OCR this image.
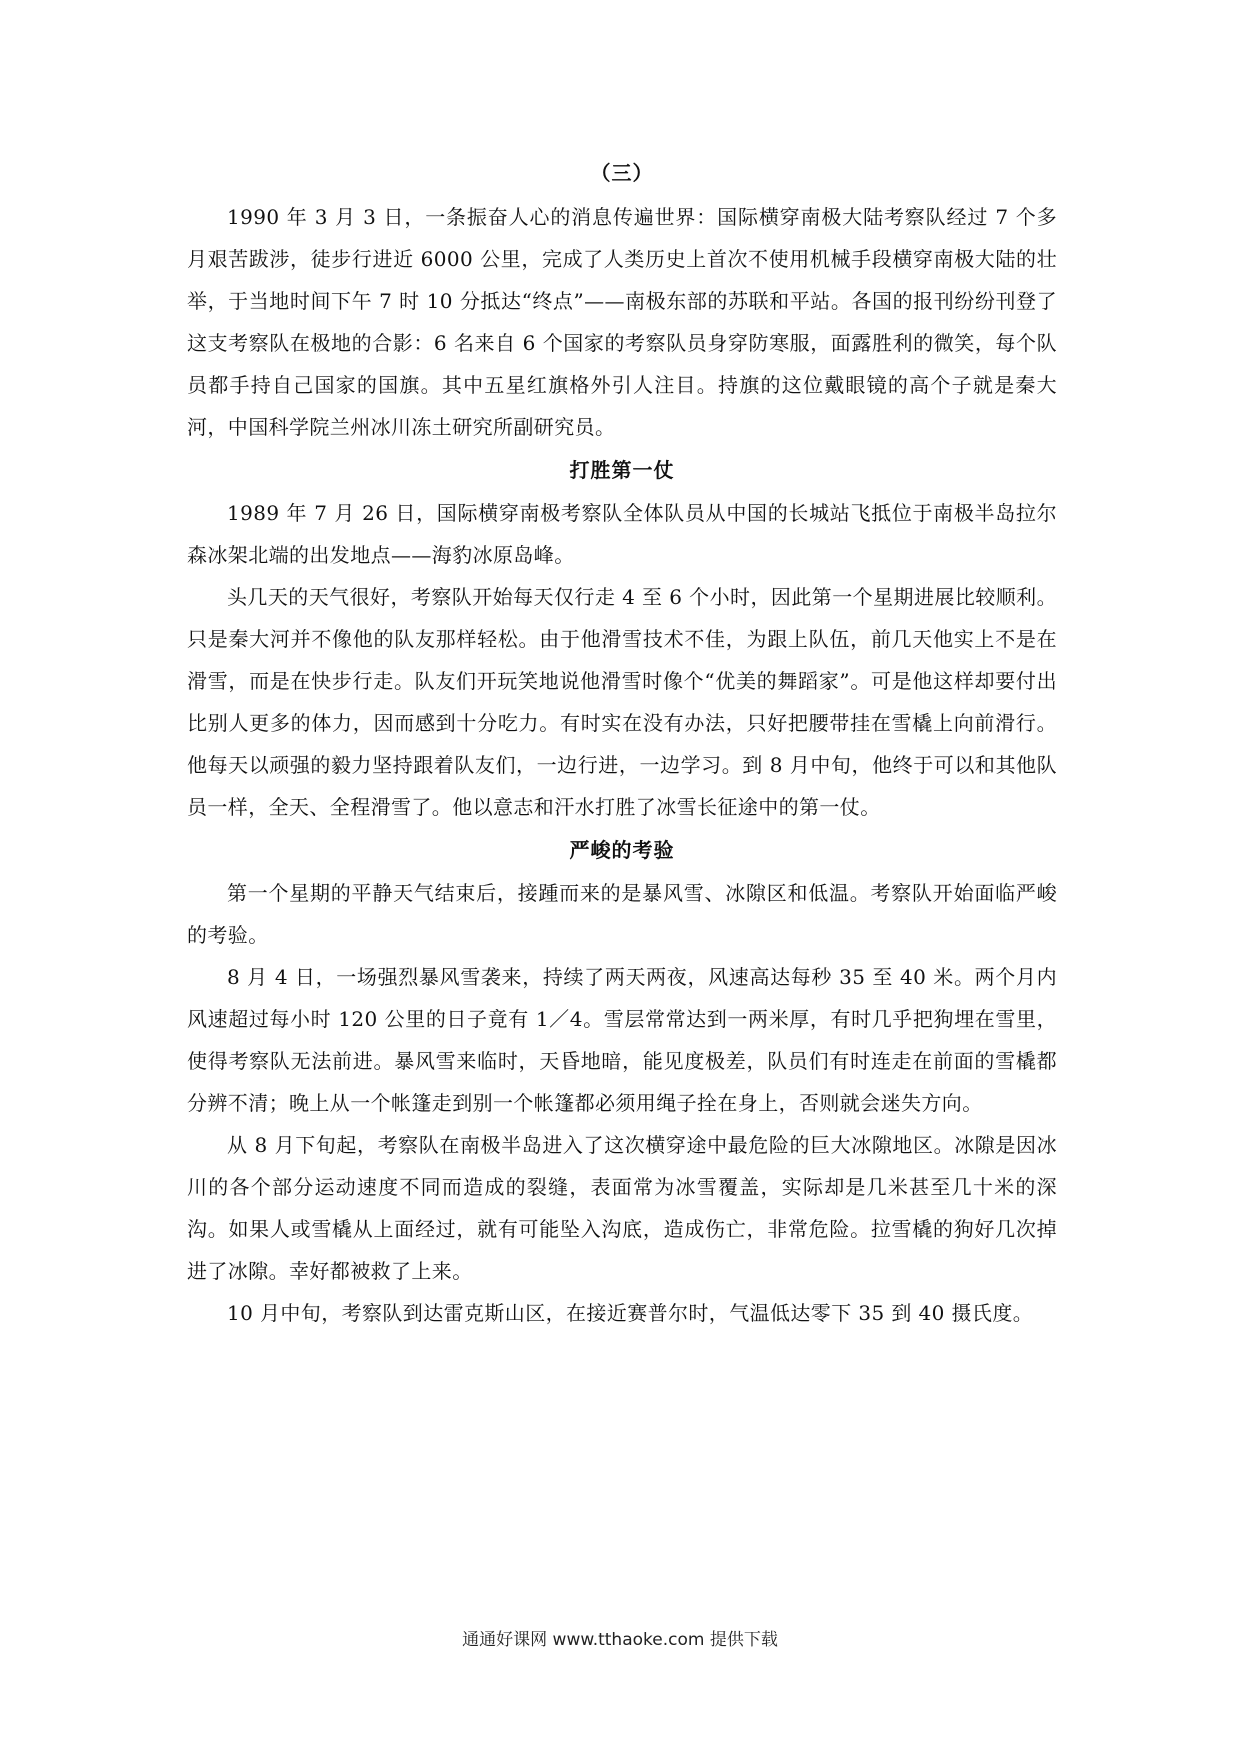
（三）

1990 年 3 月 3 日，一条振奋人心的消息传遍世界：国际横穿南极大陆考察队经过 7 个多月艰苦跋涉，徒步行进近 6000 公里，完成了人类历史上首次不使用机械手段横穿南极大陆的壮举，于当地时间下午 7 时 10 分抵达“终点”——南极东部的苏联和平站。各国的报刊纷纷刊登了这支考察队在极地的合影：6 名来自 6 个国家的考察队员身穿防寒服，面露胜利的微笑，每个队员都手持自己国家的国旗。其中五星红旗格外引人注目。持旗的这位戴眼镜的高个子就是秦大河，中国科学院兰州冰川冻土研究所副研究员。

打胜第一仗

1989 年 7 月 26 日，国际横穿南极考察队全体队员从中国的长城站飞抵位于南极半岛拉尔森冰架北端的出发地点——海豹冰原岛峰。

头几天的天气很好，考察队开始每天仅行走 4 至 6 个小时，因此第一个星期进展比较顺利。只是秦大河并不像他的队友那样轻松。由于他滑雪技术不佳，为跟上队伍，前几天他实上不是在滑雪，而是在快步行走。队友们开玩笑地说他滑雪时像个“优美的舞蹈家”。可是他这样却要付出比别人更多的体力，因而感到十分吃力。有时实在没有办法，只好把腰带挂在雪橇上向前滑行。他每天以顽强的毅力坚持跟着队友们，一边行进，一边学习。到 8 月中旬，他终于可以和其他队员一样，全天、全程滑雪了。他以意志和汗水打胜了冰雪长征途中的第一仗。

严峻的考验

第一个星期的平静天气结束后，接踵而来的是暴风雪、冰隙区和低温。考察队开始面临严峻的考验。

8 月 4 日，一场强烈暴风雪袭来，持续了两天两夜，风速高达每秒 35 至 40 米。两个月内风速超过每小时 120 公里的日子竟有 1／4。雪层常常达到一两米厚，有时几乎把狗埋在雪里，使得考察队无法前进。暴风雪来临时，天昏地暗，能见度极差，队员们有时连走在前面的雪橇都分辨不清；晚上从一个帐篷走到别一个帐篷都必须用绳子拴在身上，否则就会迷失方向。

从 8 月下旬起，考察队在南极半岛进入了这次横穿途中最危险的巨大冰隙地区。冰隙是因冰川的各个部分运动速度不同而造成的裂缝，表面常为冰雪覆盖，实际却是几米甚至几十米的深沟。如果人或雪橇从上面经过，就有可能坠入沟底，造成伤亡，非常危险。拉雪橇的狗好几次掉进了冰隙。幸好都被救了上来。

10 月中旬，考察队到达雷克斯山区，在接近赛普尔时，气温低达零下 35 到 40 摄氏度。

通通好课网 www.tthaoke.com 提供下载
